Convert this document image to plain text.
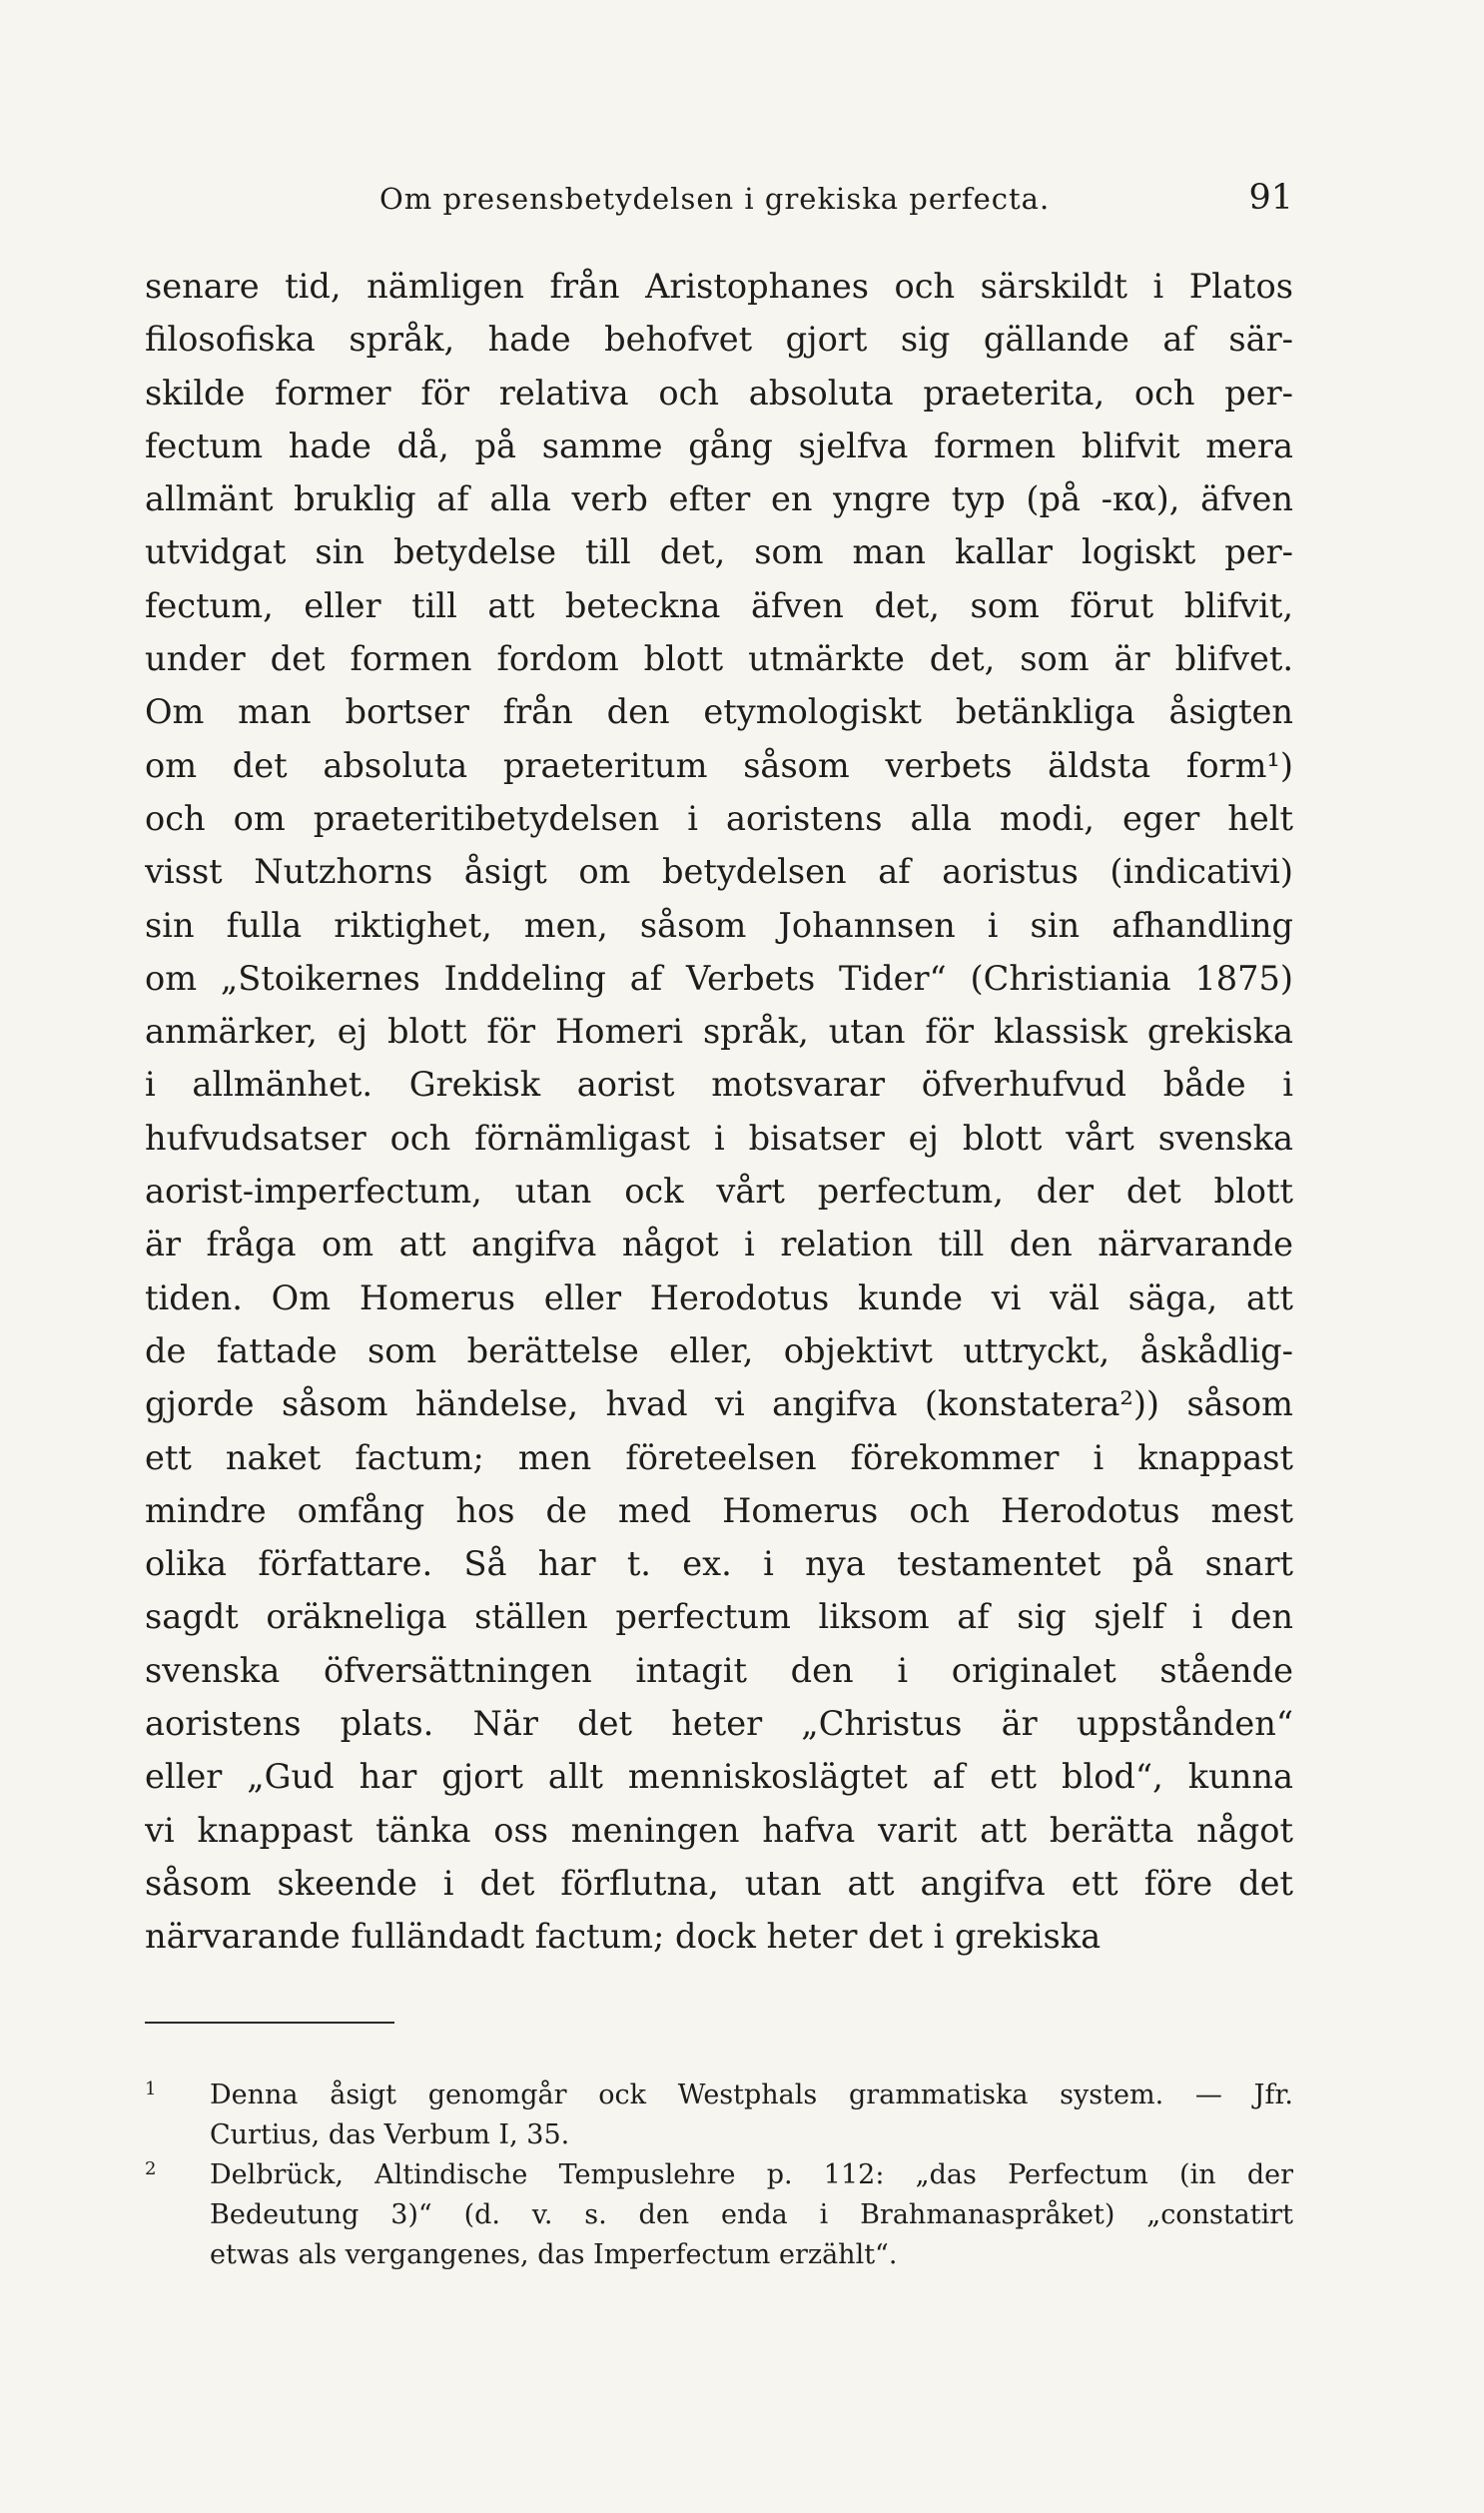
Om presensbetydelsen i grekiska perfecta.	91
senare tid, nämligen från Aristophanes och särskildt i Platos
filosofiska språk, hade behofvet gjort sig gällande af sär-
skilde former för relativa och absoluta praeterita, och per-
fectum hade då, på samme gång sjelfva formen blifvit mera
allmänt bruklig af alla verb efter en yngre typ (på -κα), äfven
utvidgat sin betydelse till det, som man kallar logiskt per-
fectum, eller till att beteckna äfven det, som förut blifvit,
under det formen fordom blott utmärkte det, som är blifvet.
Om man bortser från den etymologiskt betänkliga åsigten
om det absoluta praeteritum såsom verbets äldsta form¹)
och om praeteritibetydelsen i aoristens alla modi, eger helt
visst Nutzhorns åsigt om betydelsen af aoristus (indicativi)
sin fulla riktighet, men, såsom Johannsen i sin afhandling
om „Stoikernes Inddeling af Verbets Tider“ (Christiania 1875)
anmärker, ej blott för Homeri språk, utan för klassisk grekiska
i allmänhet. Grekisk aorist motsvarar öfverhufvud både i
hufvudsatser och förnämligast i bisatser ej blott vårt svenska
aorist-imperfectum, utan ock vårt perfectum, der det blott
är fråga om att angifva något i relation till den närvarande
tiden. Om Homerus eller Herodotus kunde vi väl säga, att
de fattade som berättelse eller, objektivt uttryckt, åskådlig-
gjorde såsom händelse, hvad vi angifva (konstatera²)) såsom
ett naket factum; men företeelsen förekommer i knappast
mindre omfång hos de med Homerus och Herodotus mest
olika författare. Så har t. ex. i nya testamentet på snart
sagdt oräkneliga ställen perfectum liksom af sig sjelf i den
svenska öfversättningen intagit den i originalet stående
aoristens plats. När det heter „Christus är uppstånden“
eller „Gud har gjort allt menniskoslägtet af ett blod“, kunna
vi knappast tänka oss meningen hafva varit att berätta något
såsom skeende i det förflutna, utan att angifva ett före det
närvarande fulländadt factum; dock heter det i grekiska
1 Denna åsigt genomgår ock Westphals grammatiska system. — Jfr.
Curtius, das Verbum I, 35.
2 Delbrück, Altindische Tempuslehre p. 112: „das Perfectum (in der
Bedeutung 3)“ (d. v. s. den enda i Brahmanaspråket) „constatirt
etwas als vergangenes, das Imperfectum erzählt“.
